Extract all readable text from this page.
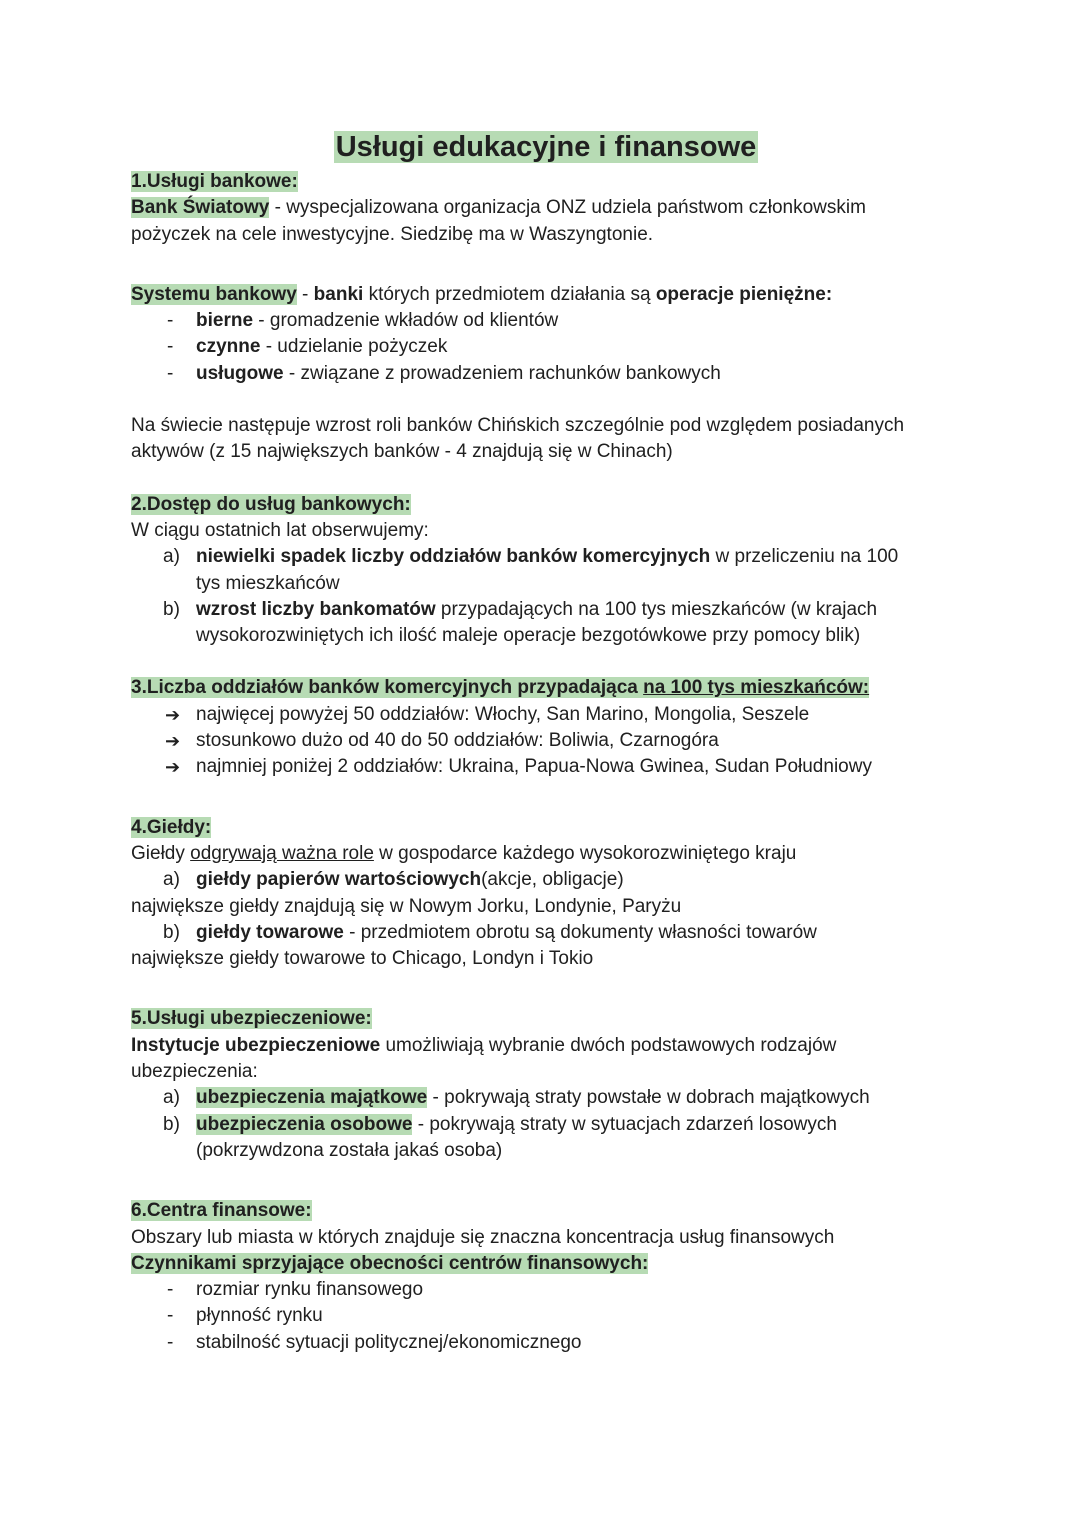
Usługi edukacyjne i finansowe
1.Usługi bankowe:
Bank Światowy - wyspecjalizowana organizacja ONZ udziela państwom członkowskim
pożyczek na cele inwestycyjne. Siedzibę ma w Waszyngtonie.
Systemu bankowy - banki których przedmiotem działania są operacje pieniężne:
- bierne - gromadzenie wkładów od klientów
- czynne - udzielanie pożyczek
- usługowe - związane z prowadzeniem rachunków bankowych
Na świecie następuje wzrost roli banków Chińskich szczególnie pod względem posiadanych
aktywów (z 15 największych banków - 4 znajdują się w Chinach)
2.Dostęp do usług bankowych:
W ciągu ostatnich lat obserwujemy:
a) niewielki spadek liczby oddziałów banków komercyjnych w przeliczeniu na 100
tys mieszkańców
b) wzrost liczby bankomatów przypadających na 100 tys mieszkańców (w krajach
wysokorozwiniętych ich ilość maleje operacje bezgotówkowe przy pomocy blik)
3.Liczba oddziałów banków komercyjnych przypadająca na 100 tys mieszkańców:
➔ najwięcej powyżej 50 oddziałów: Włochy, San Marino, Mongolia, Seszele
➔ stosunkowo dużo od 40 do 50 oddziałów: Boliwia, Czarnogóra
➔ najmniej poniżej 2 oddziałów: Ukraina, Papua-Nowa Gwinea, Sudan Południowy
4.Giełdy:
Giełdy odgrywają ważna role w gospodarce każdego wysokorozwiniętego kraju
a) giełdy papierów wartościowych(akcje, obligacje)
największe giełdy znajdują się w Nowym Jorku, Londynie, Paryżu
b) giełdy towarowe - przedmiotem obrotu są dokumenty własności towarów
największe giełdy towarowe to Chicago, Londyn i Tokio
5.Usługi ubezpieczeniowe:
Instytucje ubezpieczeniowe umożliwiają wybranie dwóch podstawowych rodzajów
ubezpieczenia:
a) ubezpieczenia majątkowe - pokrywają straty powstałe w dobrach majątkowych
b) ubezpieczenia osobowe - pokrywają straty w sytuacjach zdarzeń losowych
(pokrzywdzona została jakaś osoba)
6.Centra finansowe:
Obszary lub miasta w których znajduje się znaczna koncentracja usług finansowych
Czynnikami sprzyjające obecności centrów finansowych:
- rozmiar rynku finansowego
- płynność rynku
- stabilność sytuacji politycznej/ekonomicznego
